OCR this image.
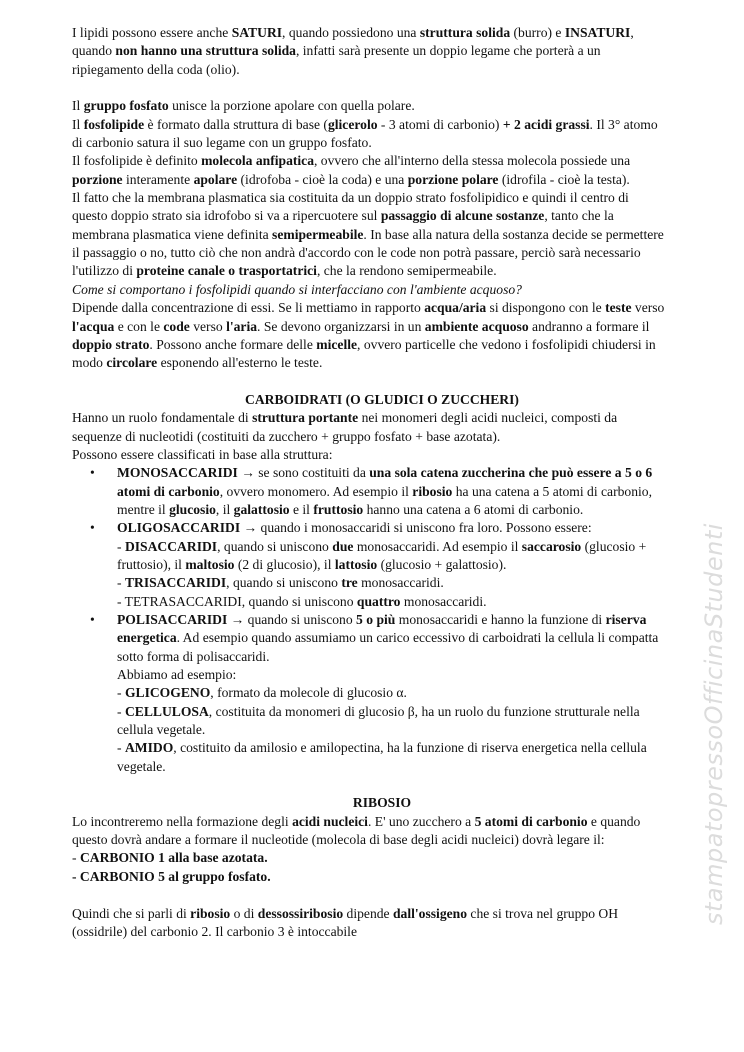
I lipidi possono essere anche SATURI, quando possiedono una struttura solida (burro) e INSATURI,
quando non hanno una struttura solida, infatti sarà presente un doppio legame che porterà a un
ripiegamento della coda (olio).
Il gruppo fosfato unisce la porzione apolare con quella polare.
Il fosfolipide è formato dalla struttura di base (glicerolo - 3 atomi di carbonio) + 2 acidi grassi. Il 3° atomo
di carbonio satura il suo legame con un gruppo fosfato.
Il fosfolipide è definito molecola anfipatica, ovvero che all'interno della stessa molecola possiede una
porzione interamente apolare (idrofoba - cioè la coda) e una porzione polare (idrofila - cioè la testa).
Il fatto che la membrana plasmatica sia costituita da un doppio strato fosfolipidico e quindi il centro di
questo doppio strato sia idrofobo si va a ripercuotere sul passaggio di alcune sostanze, tanto che la
membrana plasmatica viene definita semipermeabile. In base alla natura della sostanza decide se permettere
il passaggio o no, tutto ciò che non andrà d'accordo con le code non potrà passare, perciò sarà necessario
l'utilizzo di proteine canale o trasportatrici, che la rendono semipermeabile.
Come si comportano i fosfolipidi quando si interfacciano con l'ambiente acquoso?
Dipende dalla concentrazione di essi. Se li mettiamo in rapporto acqua/aria si dispongono con le teste verso
l'acqua e con le code verso l'aria. Se devono organizzarsi in un ambiente acquoso andranno a formare il
doppio strato. Possono anche formare delle micelle, ovvero particelle che vedono i fosfolipidi chiudersi in
modo circolare esponendo all'esterno le teste.
CARBOIDRATI (O GLUDICI O ZUCCHERI)
Hanno un ruolo fondamentale di struttura portante nei monomeri degli acidi nucleici, composti da
sequenze di nucleotidi (costituiti da zucchero + gruppo fosfato + base azotata).
Possono essere classificati in base alla struttura:
• MONOSACCARIDI → se sono costituiti da una sola catena zuccherina che può essere a 5 o 6
atomi di carbonio, ovvero monomero. Ad esempio il ribosio ha una catena a 5 atomi di carbonio,
mentre il glucosio, il galattosio e il fruttosio hanno una catena a 6 atomi di carbonio.
• OLIGOSACCARIDI → quando i monosaccaridi si uniscono fra loro. Possono essere:
- DISACCARIDI, quando si uniscono due monosaccaridi. Ad esempio il saccarosio (glucosio +
fruttosio), il maltosio (2 di glucosio), il lattosio (glucosio + galattosio).
- TRISACCARIDI, quando si uniscono tre monosaccaridi.
- TETRASACCARIDI, quando si uniscono quattro monosaccaridi.
• POLISACCARIDI → quando si uniscono 5 o più monosaccaridi e hanno la funzione di riserva
energetica. Ad esempio quando assumiamo un carico eccessivo di carboidrati la cellula li compatta
sotto forma di polisaccaridi.
Abbiamo ad esempio:
- GLICOGENO, formato da molecole di glucosio α.
- CELLULOSA, costituita da monomeri di glucosio β, ha un ruolo du funzione strutturale nella
cellula vegetale.
- AMIDO, costituito da amilosio e amilopectina, ha la funzione di riserva energetica nella cellula
vegetale.
RIBOSIO
Lo incontreremo nella formazione degli acidi nucleici. E' uno zucchero a 5 atomi di carbonio e quando
questo dovrà andare a formare il nucleotide (molecola di base degli acidi nucleici) dovrà legare il:
- CARBONIO 1 alla base azotata.
- CARBONIO 5 al gruppo fosfato.
Quindi che si parli di ribosio o di dessossiribosio dipende dall'ossigeno che si trova nel gruppo OH
(ossidrile) del carbonio 2. Il carbonio 3 è intoccabile
stampatopressoOfficinaStudenti
